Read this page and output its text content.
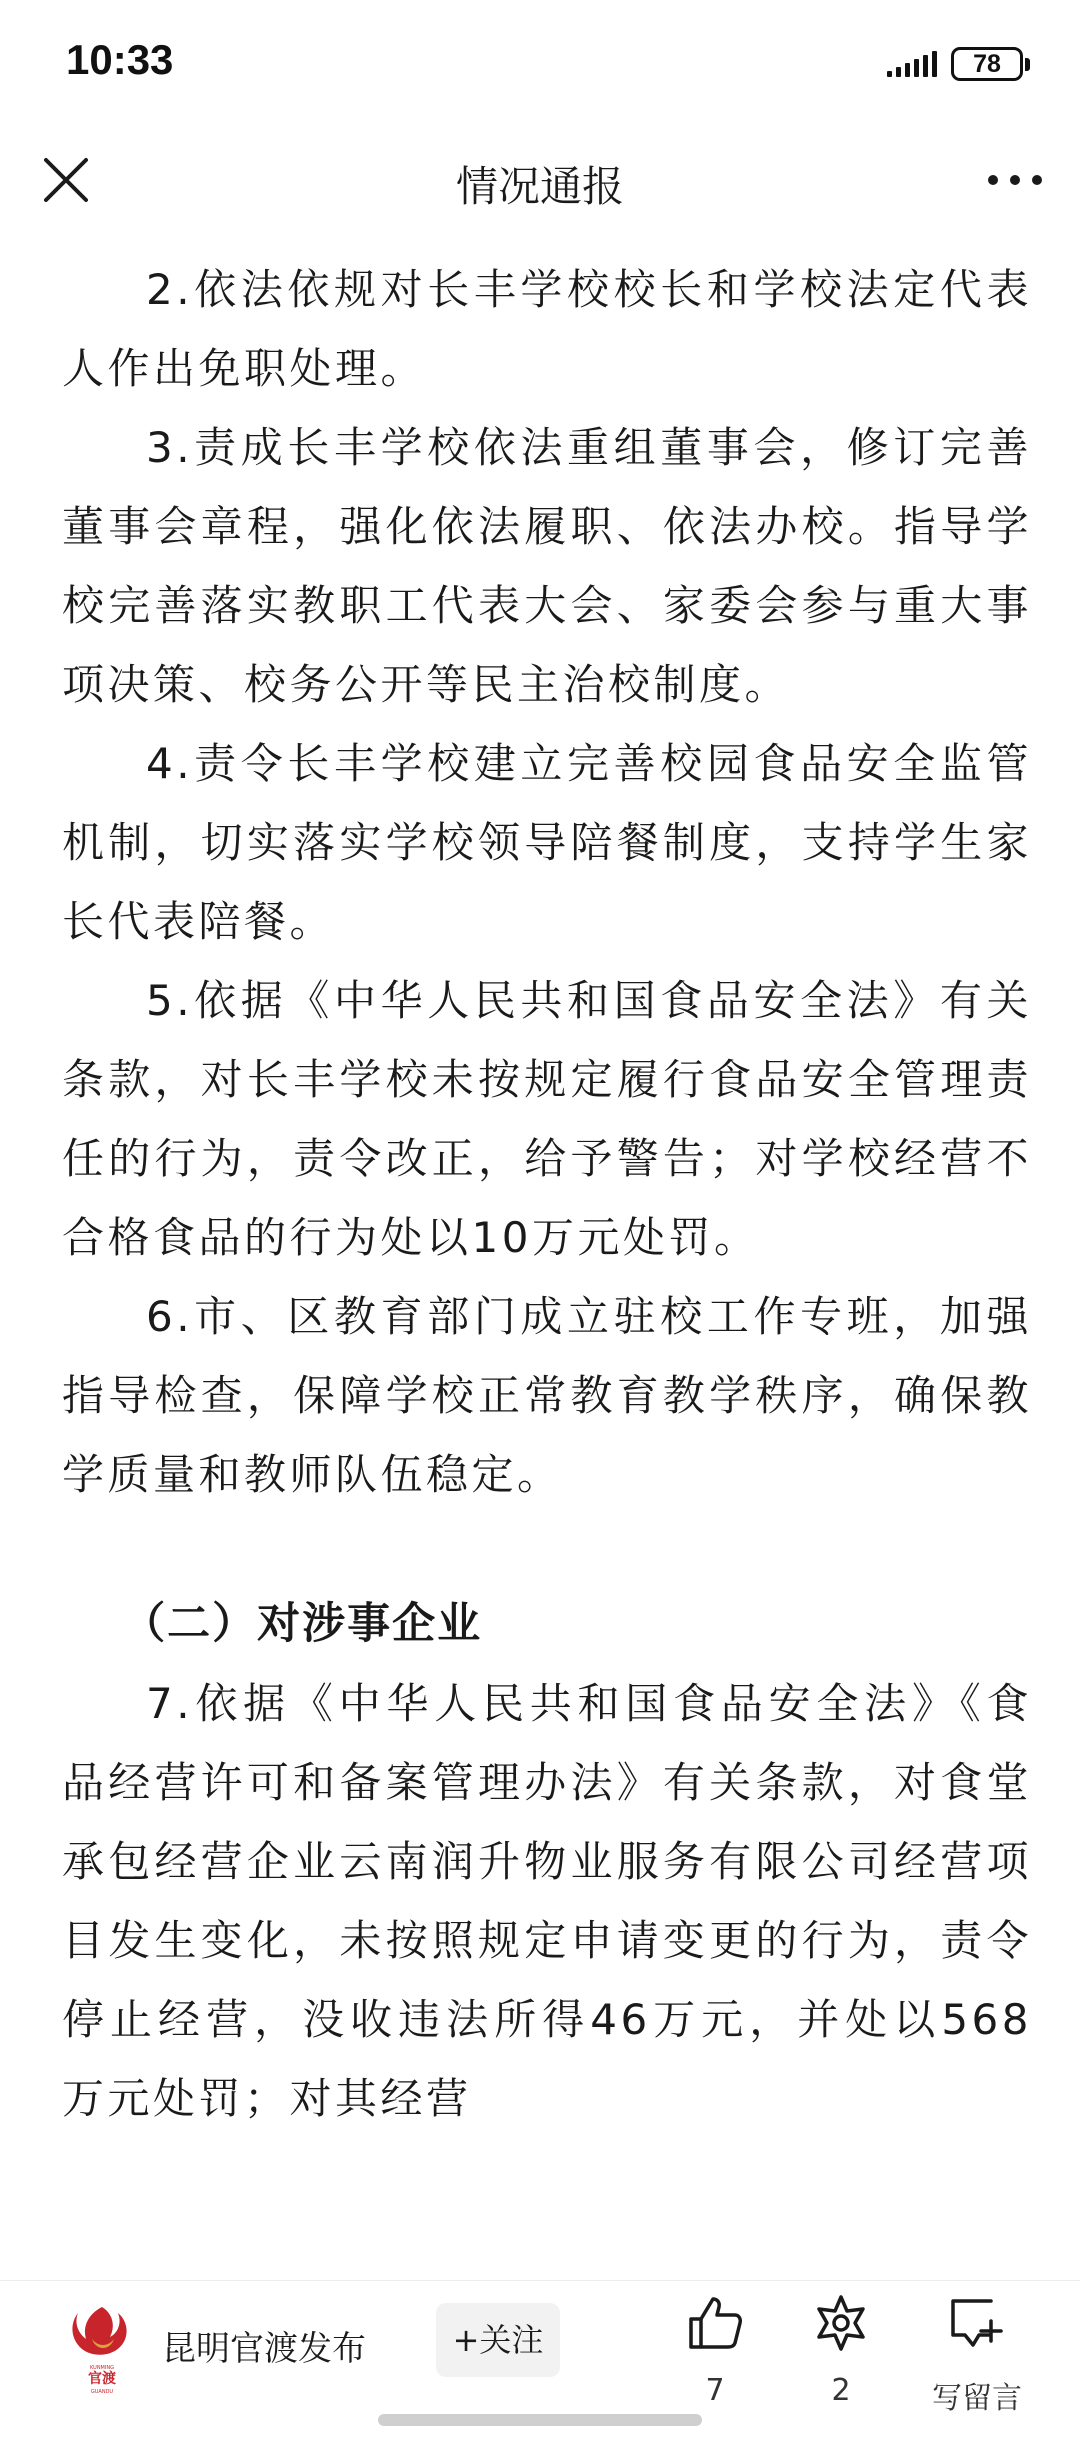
10:33	78
情况通报

2.依法依规对长丰学校校长和学校法定代表人作出免职处理。

3.责成长丰学校依法重组董事会，修订完善董事会章程，强化依法履职、依法办校。指导学校完善落实教职工代表大会、家委会参与重大事项决策、校务公开等民主治校制度。

4.责令长丰学校建立完善校园食品安全监管机制，切实落实学校领导陪餐制度，支持学生家长代表陪餐。

5.依据《中华人民共和国食品安全法》有关条款，对长丰学校未按规定履行食品安全管理责任的行为，责令改正，给予警告；对学校经营不合格食品的行为处以10万元处罚。

6.市、区教育部门成立驻校工作专班，加强指导检查，保障学校正常教育教学秩序，确保教学质量和教师队伍稳定。

（二）对涉事企业

7.依据《中华人民共和国食品安全法》《食品经营许可和备案管理办法》有关条款，对食堂承包经营企业云南润升物业服务有限公司经营项目发生变化，未按照规定申请变更的行为，责令停止经营，没收违法所得46万元，并处以568万元处罚；对其经营

KUNMING
官渡
GUANDU
昆明官渡发布	+关注
7	2	写留言
